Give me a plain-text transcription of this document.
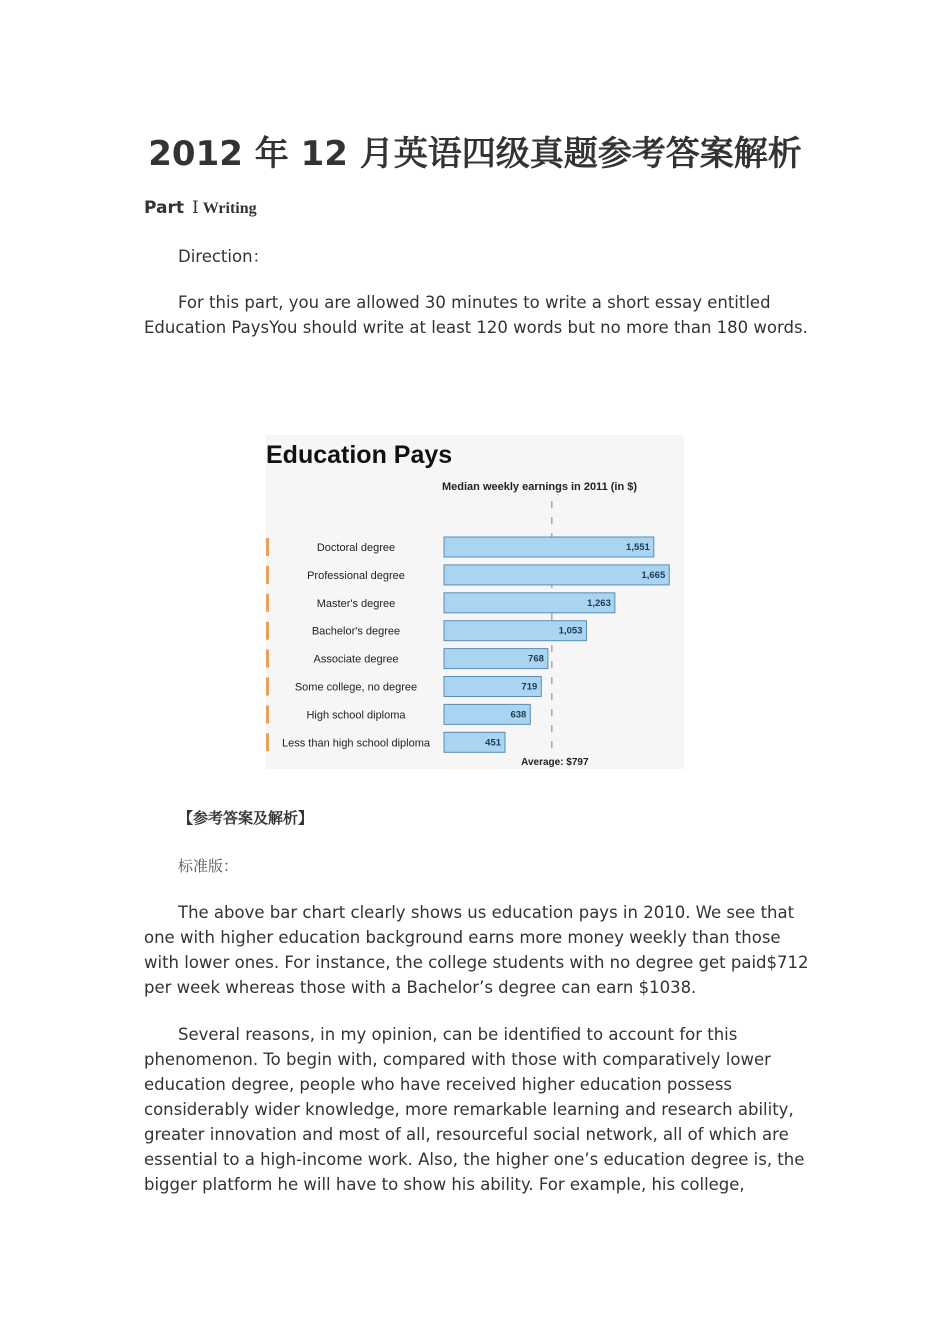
2012 年 12 月英语四级真题参考答案解析
Part Ⅰ Writing

Direction：

For this part, you are allowed 30 minutes to write a short essay entitled Education PaysYou should write at least 120 words but no more than 180 words.

Education Pays
Median weekly earnings in 2011 (in $)
Doctoral degree	1,551
Professional degree	1,665
Master's degree	1,263
Bachelor's degree	1,053
Associate degree	768
Some college, no degree	719
High school diploma	638
Less than high school diploma	451
Average: $797
【参考答案及解析】
标准版：

The above bar chart clearly shows us education pays in 2010. We see that one with higher education background earns more money weekly than those with lower ones. For instance, the college students with no degree get paid$712 per week whereas those with a Bachelor’s degree can earn $1038.

Several reasons, in my opinion, can be identified to account for this phenomenon. To begin with, compared with those with comparatively lower education degree, people who have received higher education possess considerably wider knowledge, more remarkable learning and research ability, greater innovation and most of all, resourceful social network, all of which are essential to a high-income work. Also, the higher one’s education degree is, the bigger platform he will have to show his ability. For example, his college,
